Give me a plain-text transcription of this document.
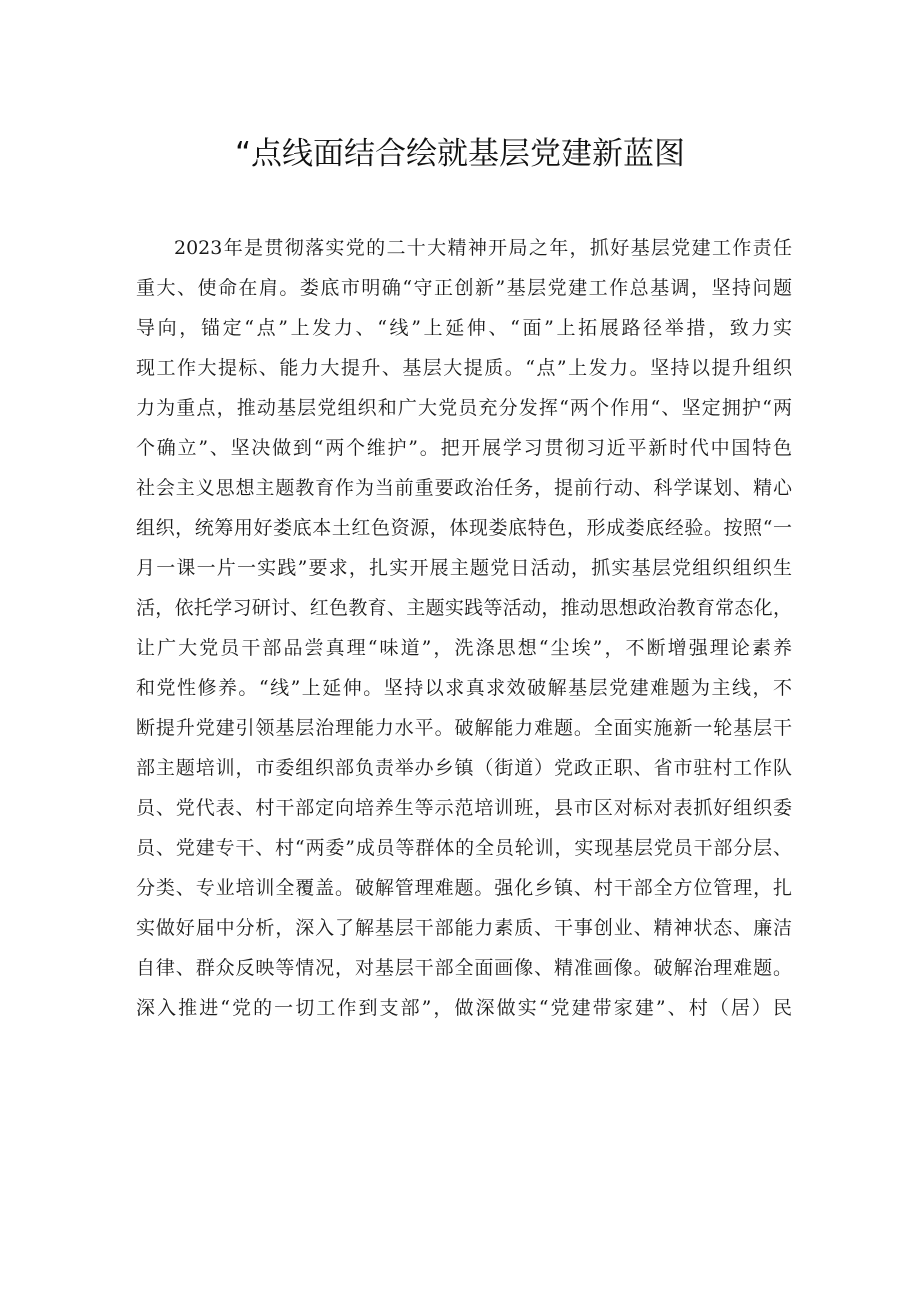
“点线面结合绘就基层党建新蓝图
2023年是贯彻落实党的二十大精神开局之年，抓好基层党建工作责任
重大、使命在肩。娄底市明确“守正创新”基层党建工作总基调，坚持问题
导向，锚定“点”上发力、“线”上延伸、“面”上拓展路径举措，致力实
现工作大提标、能力大提升、基层大提质。“点”上发力。坚持以提升组织
力为重点，推动基层党组织和广大党员充分发挥“两个作用“、坚定拥护“两
个确立”、坚决做到“两个维护”。把开展学习贯彻习近平新时代中国特色
社会主义思想主题教育作为当前重要政治任务，提前行动、科学谋划、精心
组织，统筹用好娄底本土红色资源，体现娄底特色，形成娄底经验。按照“一
月一课一片一实践”要求，扎实开展主题党日活动，抓实基层党组织组织生
活，依托学习研讨、红色教育、主题实践等活动，推动思想政治教育常态化，
让广大党员干部品尝真理“味道”，洗涤思想“尘埃”，不断增强理论素养
和党性修养。“线”上延伸。坚持以求真求效破解基层党建难题为主线，不
断提升党建引领基层治理能力水平。破解能力难题。全面实施新一轮基层干
部主题培训，市委组织部负责举办乡镇（街道）党政正职、省市驻村工作队
员、党代表、村干部定向培养生等示范培训班，县市区对标对表抓好组织委
员、党建专干、村“两委”成员等群体的全员轮训，实现基层党员干部分层、
分类、专业培训全覆盖。破解管理难题。强化乡镇、村干部全方位管理，扎
实做好届中分析，深入了解基层干部能力素质、干事创业、精神状态、廉洁
自律、群众反映等情况，对基层干部全面画像、精准画像。破解治理难题。
深入推进“党的一切工作到支部”，做深做实“党建带家建”、村（居）民
